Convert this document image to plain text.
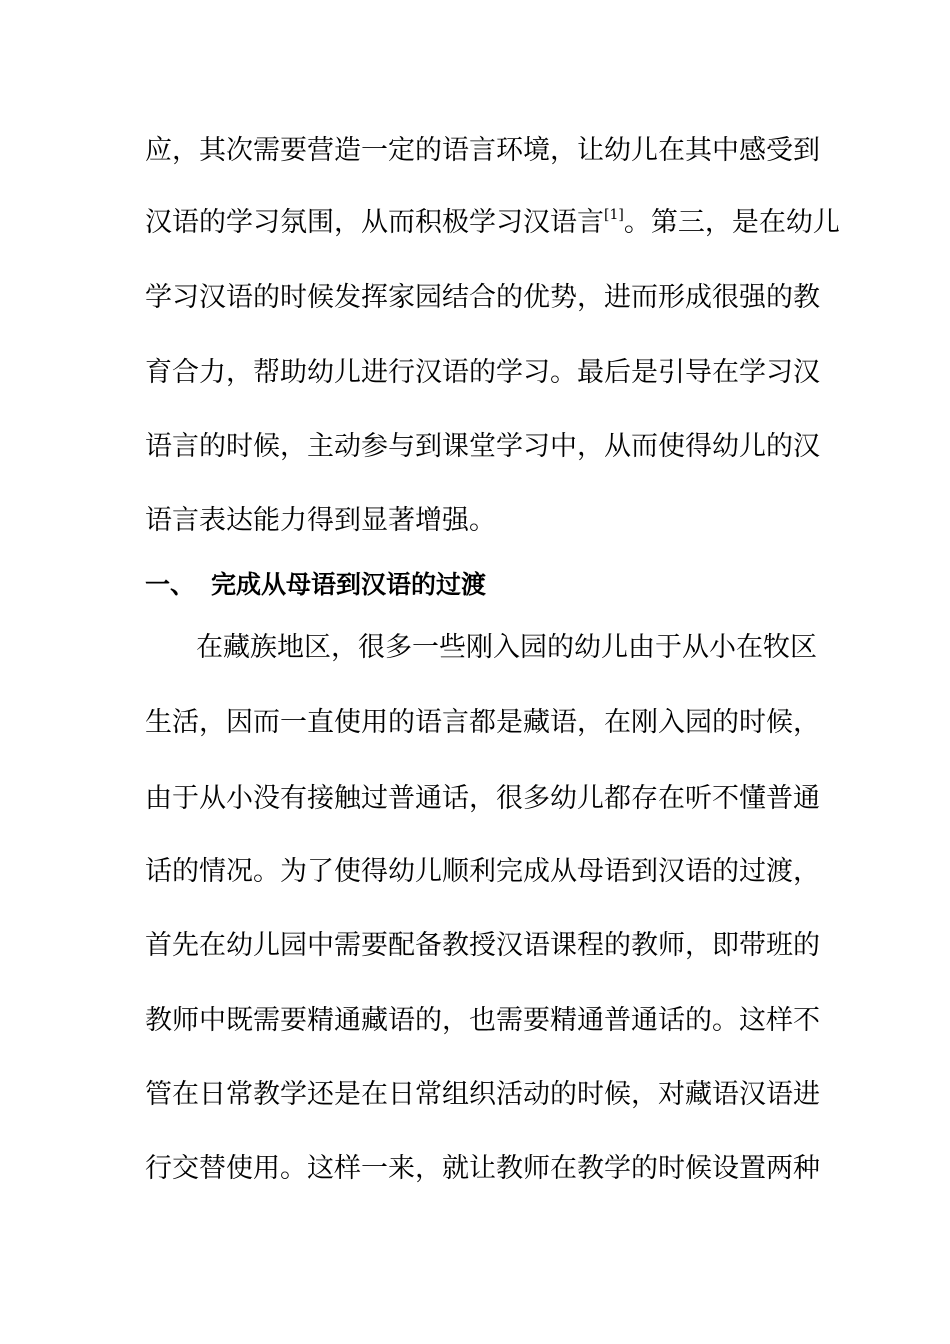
应，其次需要营造一定的语言环境，让幼儿在其中感受到
汉语的学习氛围，从而积极学习汉语言[1]。第三，是在幼儿
学习汉语的时候发挥家园结合的优势，进而形成很强的教
育合力，帮助幼儿进行汉语的学习。最后是引导在学习汉
语言的时候，主动参与到课堂学习中，从而使得幼儿的汉
语言表达能力得到显著增强。
一、 完成从母语到汉语的过渡
在藏族地区，很多一些刚入园的幼儿由于从小在牧区
生活，因而一直使用的语言都是藏语，在刚入园的时候，
由于从小没有接触过普通话，很多幼儿都存在听不懂普通
话的情况。为了使得幼儿顺利完成从母语到汉语的过渡，
首先在幼儿园中需要配备教授汉语课程的教师，即带班的
教师中既需要精通藏语的，也需要精通普通话的。这样不
管在日常教学还是在日常组织活动的时候，对藏语汉语进
行交替使用。这样一来，就让教师在教学的时候设置两种
